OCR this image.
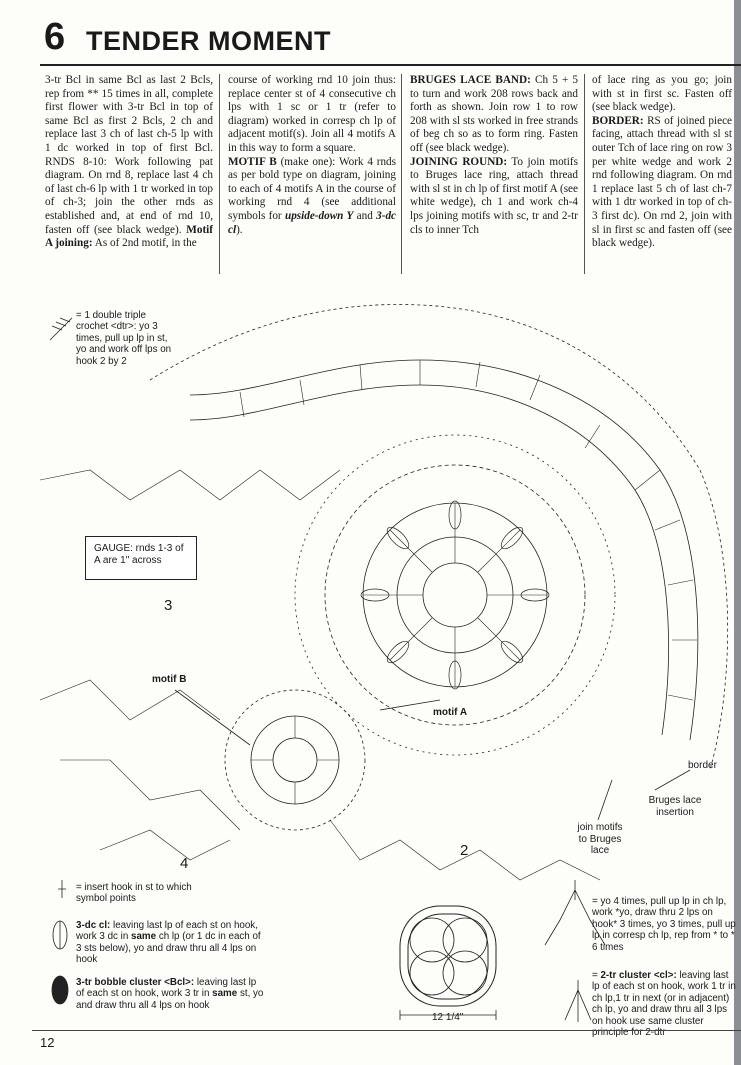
6 TENDER MOMENT

3-tr Bcl in same Bcl as last 2 Bcls, rep from ** 15 times in all, complete first flower with 3-tr Bcl in top of same Bcl as first 2 Bcls, 2 ch and replace last 3 ch of last ch-5 lp with 1 dc worked in top of first Bcl. RNDS 8-10: Work following pat diagram. On rnd 8, replace last 4 ch of last ch-6 lp with 1 tr worked in top of ch-3; join the other rnds as established and, at end of rnd 10, fasten off (see black wedge). Motif A joining: As of 2nd motif, in the

course of working rnd 10 join thus: replace center st of 4 consecutive ch lps with 1 sc or 1 tr (refer to diagram) worked in corresp ch lp of adjacent motif(s). Join all 4 motifs A in this way to form a square.
MOTIF B (make one): Work 4 rnds as per bold type on diagram, joining to each of 4 motifs A in the course of working rnd 4 (see additional symbols for upside-down Y and 3-dc cl).

BRUGES LACE BAND: Ch 5 + 5 to turn and work 208 rows back and forth as shown. Join row 1 to row 208 with sl sts worked in free strands of beg ch so as to form ring. Fasten off (see black wedge).
JOINING ROUND: To join motifs to Bruges lace ring, attach thread with sl st in ch lp of first motif A (see white wedge), ch 1 and work ch-4 lps joining motifs with sc, tr and 2-tr cls to inner Tch

of lace ring as you go; join with st in first sc. Fasten off (see black wedge).
BORDER: RS of joined piece facing, attach thread with sl st outer Tch of lace ring on row 3 per white wedge and work 2 rnd following diagram. On rnd 1 replace last 5 ch of last ch-7 with 1 dtr worked in top of ch-3 first dc). On rnd 2, join with sl in first sc and fasten off (see black wedge).

GAUGE: rnds 1-3 of A are 1" across
3
4
2
motif B
motif A
border
Bruges lace insertion
join motifs to Bruges lace
12 1/4"
= 1 double triple crochet <dtr>: yo 3 times, pull up lp in st, yo and work off lps on hook 2 by 2
= insert hook in st to which symbol points
3-dc cl: leaving last lp of each st on hook, work 3 dc in same ch lp (or 1 dc in each of 3 sts below), yo and draw thru all 4 lps on hook
3-tr bobble cluster <Bcl>: leaving last lp of each st on hook, work 3 tr in same st, yo and draw thru all 4 lps on hook
= yo 4 times, pull up lp in ch lp, work *yo, draw thru 2 lps on hook* 3 times, yo 3 times, pull up lp in corresp ch lp, rep from * to * 6 times
= 2-tr cluster <cl>: leaving last lp of each st on hook, work 1 tr in ch lp,1 tr in next (or in adjacent) ch lp, yo and draw thru all 3 lps on hook use same cluster principle for 2-dtr
12
